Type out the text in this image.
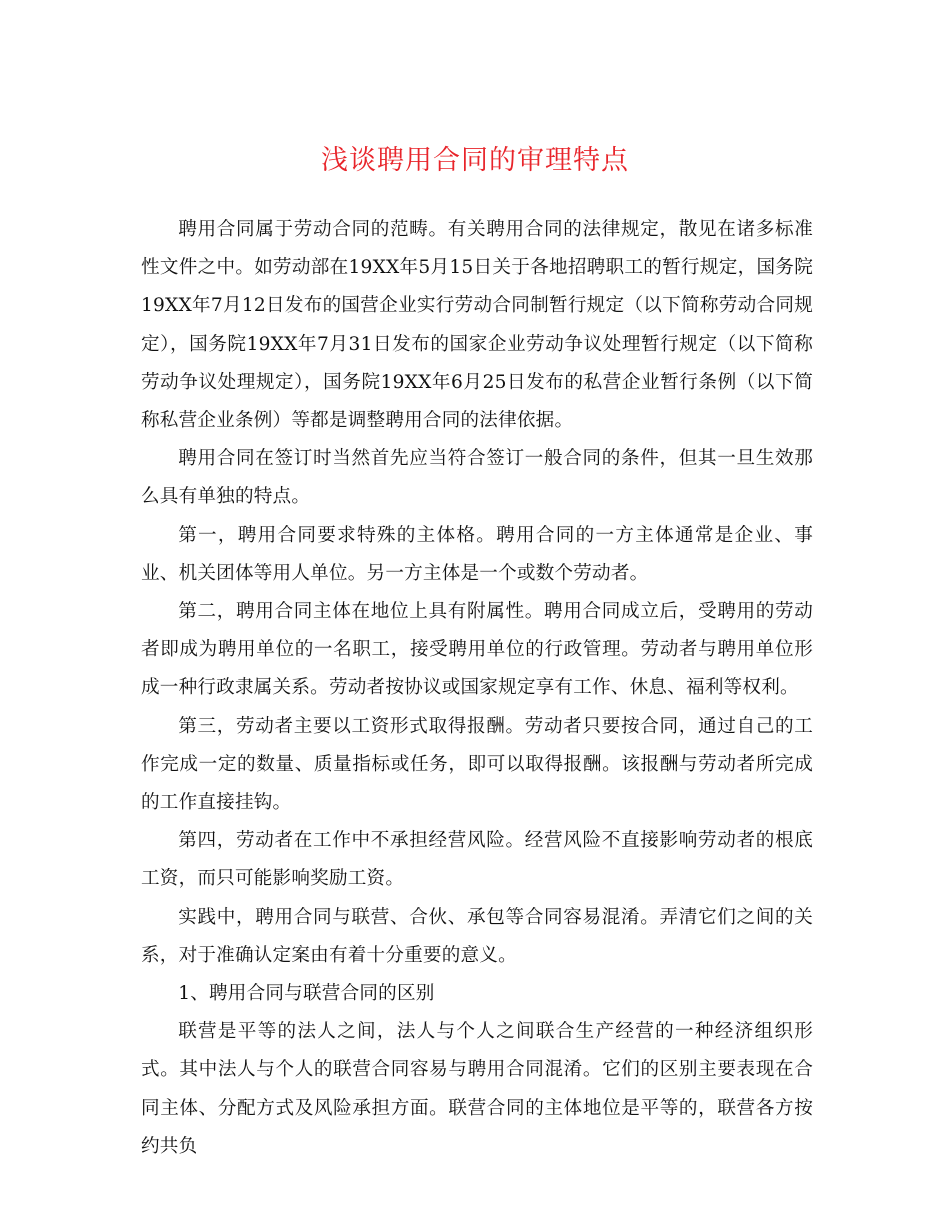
浅谈聘用合同的审理特点

聘用合同属于劳动合同的范畴。有关聘用合同的法律规定，散见在诸多标准性文件之中。如劳动部在19XX年5月15日关于各地招聘职工的暂行规定，国务院19XX年7月12日发布的国营企业实行劳动合同制暂行规定（以下简称劳动合同规定），国务院19XX年7月31日发布的国家企业劳动争议处理暂行规定（以下简称劳动争议处理规定），国务院19XX年6月25日发布的私营企业暂行条例（以下简称私营企业条例）等都是调整聘用合同的法律依据。

聘用合同在签订时当然首先应当符合签订一般合同的条件，但其一旦生效那么具有单独的特点。

第一，聘用合同要求特殊的主体格。聘用合同的一方主体通常是企业、事业、机关团体等用人单位。另一方主体是一个或数个劳动者。

第二，聘用合同主体在地位上具有附属性。聘用合同成立后，受聘用的劳动者即成为聘用单位的一名职工，接受聘用单位的行政管理。劳动者与聘用单位形成一种行政隶属关系。劳动者按协议或国家规定享有工作、休息、福利等权利。

第三，劳动者主要以工资形式取得报酬。劳动者只要按合同，通过自己的工作完成一定的数量、质量指标或任务，即可以取得报酬。该报酬与劳动者所完成的工作直接挂钩。

第四，劳动者在工作中不承担经营风险。经营风险不直接影响劳动者的根底工资，而只可能影响奖励工资。

实践中，聘用合同与联营、合伙、承包等合同容易混淆。弄清它们之间的关系，对于准确认定案由有着十分重要的意义。

1、聘用合同与联营合同的区别

联营是平等的法人之间，法人与个人之间联合生产经营的一种经济组织形式。其中法人与个人的联营合同容易与聘用合同混淆。它们的区别主要表现在合同主体、分配方式及风险承担方面。联营合同的主体地位是平等的，联营各方按约共负
